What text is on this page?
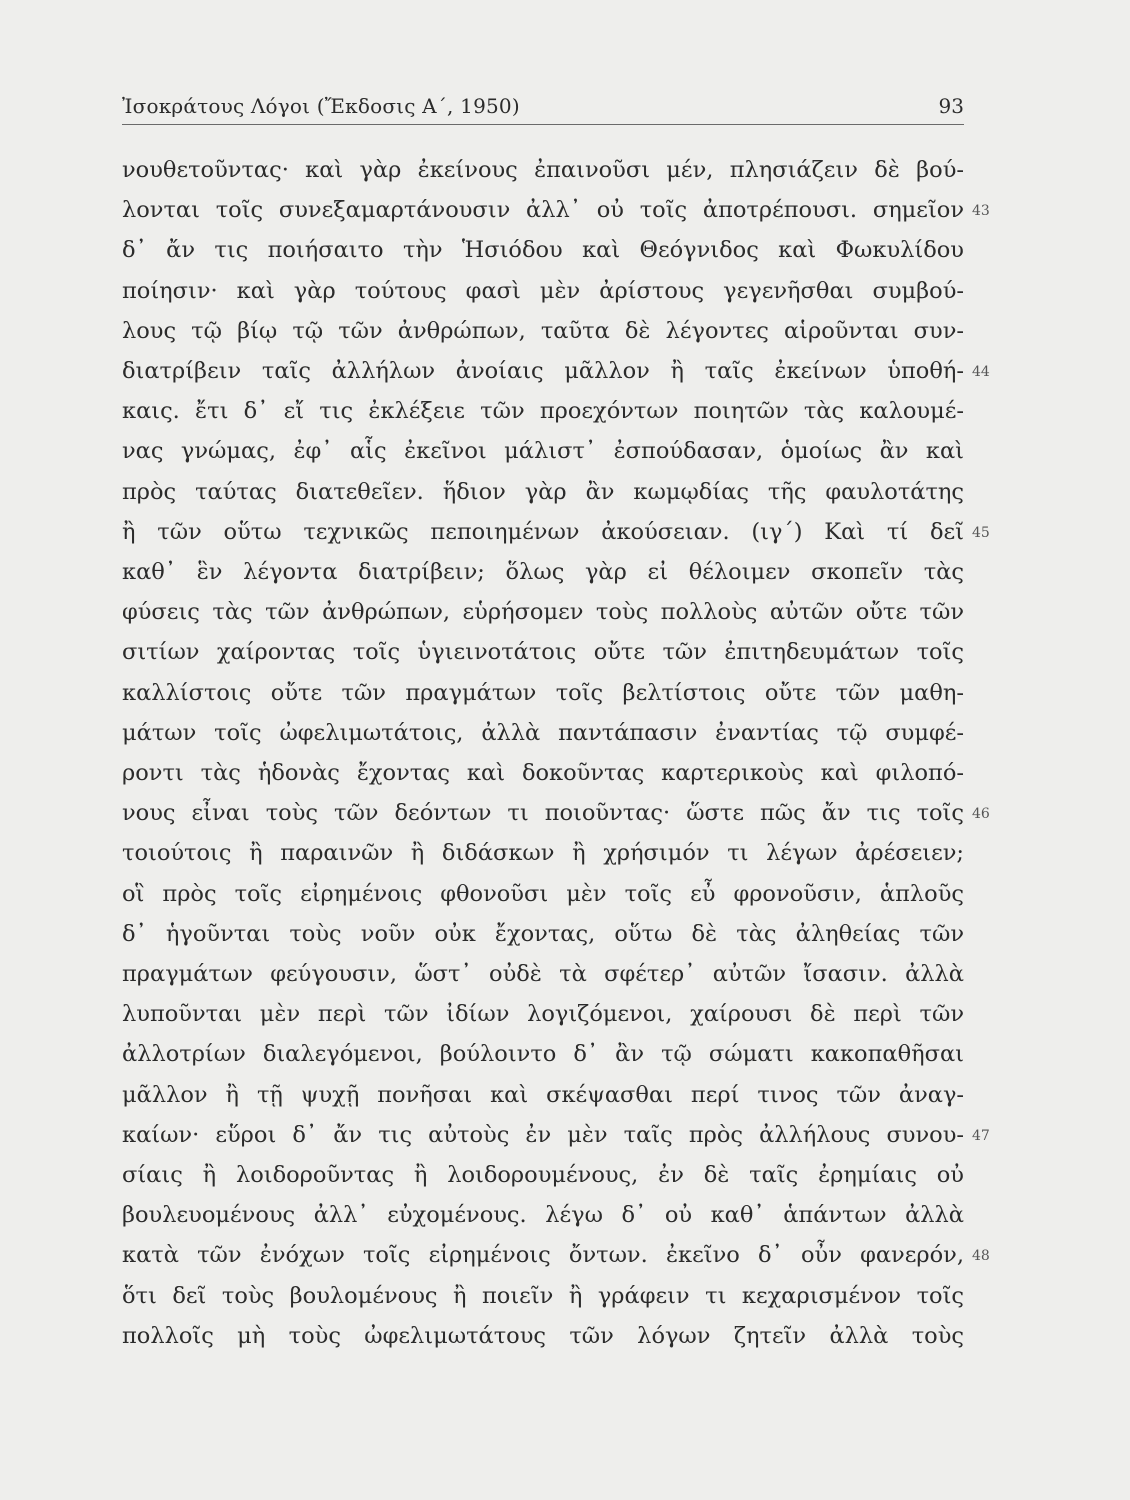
Ἰσοκράτους Λόγοι (Ἔκδοσις Α΄, 1950)	93
νουθετοῦντας· καὶ γὰρ ἐκείνους ἐπαινοῦσι μέν, πλησιάζειν δὲ βού-
λονται τοῖς συνεξαμαρτάνουσιν ἀλλ᾽ οὐ τοῖς ἀποτρέπουσι. σημεῖον
δ᾽ ἄν τις ποιήσαιτο τὴν Ἡσιόδου καὶ Θεόγνιδος καὶ Φωκυλίδου
ποίησιν· καὶ γὰρ τούτους φασὶ μὲν ἀρίστους γεγενῆσθαι συμβού-
λους τῷ βίῳ τῷ τῶν ἀνθρώπων, ταῦτα δὲ λέγοντες αἱροῦνται συν-
διατρίβειν ταῖς ἀλλήλων ἀνοίαις μᾶλλον ἢ ταῖς ἐκείνων ὑποθή-
καις. ἔτι δ᾽ εἴ τις ἐκλέξειε τῶν προεχόντων ποιητῶν τὰς καλουμέ-
νας γνώμας, ἐφ᾽ αἷς ἐκεῖνοι μάλιστ᾽ ἐσπούδασαν, ὁμοίως ἂν καὶ
πρὸς ταύτας διατεθεῖεν. ἥδιον γὰρ ἂν κωμῳδίας τῆς φαυλοτάτης
ἢ τῶν οὕτω τεχνικῶς πεποιημένων ἀκούσειαν. (ιγ΄) Καὶ τί δεῖ
καθ᾽ ἓν λέγοντα διατρίβειν; ὅλως γὰρ εἰ θέλοιμεν σκοπεῖν τὰς
φύσεις τὰς τῶν ἀνθρώπων, εὑρήσομεν τοὺς πολλοὺς αὐτῶν οὔτε τῶν
σιτίων χαίροντας τοῖς ὑγιεινοτάτοις οὔτε τῶν ἐπιτηδευμάτων τοῖς
καλλίστοις οὔτε τῶν πραγμάτων τοῖς βελτίστοις οὔτε τῶν μαθη-
μάτων τοῖς ὠφελιμωτάτοις, ἀλλὰ παντάπασιν ἐναντίας τῷ συμφέ-
ροντι τὰς ἡδονὰς ἔχοντας καὶ δοκοῦντας καρτερικοὺς καὶ φιλοπό-
νους εἶναι τοὺς τῶν δεόντων τι ποιοῦντας· ὥστε πῶς ἄν τις τοῖς
τοιούτοις ἢ παραινῶν ἢ διδάσκων ἢ χρήσιμόν τι λέγων ἀρέσειεν;
οἳ πρὸς τοῖς εἰρημένοις φθονοῦσι μὲν τοῖς εὖ φρονοῦσιν, ἁπλοῦς
δ᾽ ἡγοῦνται τοὺς νοῦν οὐκ ἔχοντας, οὕτω δὲ τὰς ἀληθείας τῶν
πραγμάτων φεύγουσιν, ὥστ᾽ οὐδὲ τὰ σφέτερ᾽ αὐτῶν ἴσασιν. ἀλλὰ
λυποῦνται μὲν περὶ τῶν ἰδίων λογιζόμενοι, χαίρουσι δὲ περὶ τῶν
ἀλλοτρίων διαλεγόμενοι, βούλοιντο δ᾽ ἂν τῷ σώματι κακοπαθῆσαι
μᾶλλον ἢ τῇ ψυχῇ πονῆσαι καὶ σκέψασθαι περί τινος τῶν ἀναγ-
καίων· εὕροι δ᾽ ἄν τις αὐτοὺς ἐν μὲν ταῖς πρὸς ἀλλήλους συνου-
σίαις ἢ λοιδοροῦντας ἢ λοιδορουμένους, ἐν δὲ ταῖς ἐρημίαις οὐ
βουλευομένους ἀλλ᾽ εὐχομένους. λέγω δ᾽ οὐ καθ᾽ ἁπάντων ἀλλὰ
κατὰ τῶν ἐνόχων τοῖς εἰρημένοις ὄντων. ἐκεῖνο δ᾽ οὖν φανερόν,
ὅτι δεῖ τοὺς βουλομένους ἢ ποιεῖν ἢ γράφειν τι κεχαρισμένον τοῖς
πολλοῖς μὴ τοὺς ὠφελιμωτάτους τῶν λόγων ζητεῖν ἀλλὰ τοὺς
43
44
45
46
47
48
